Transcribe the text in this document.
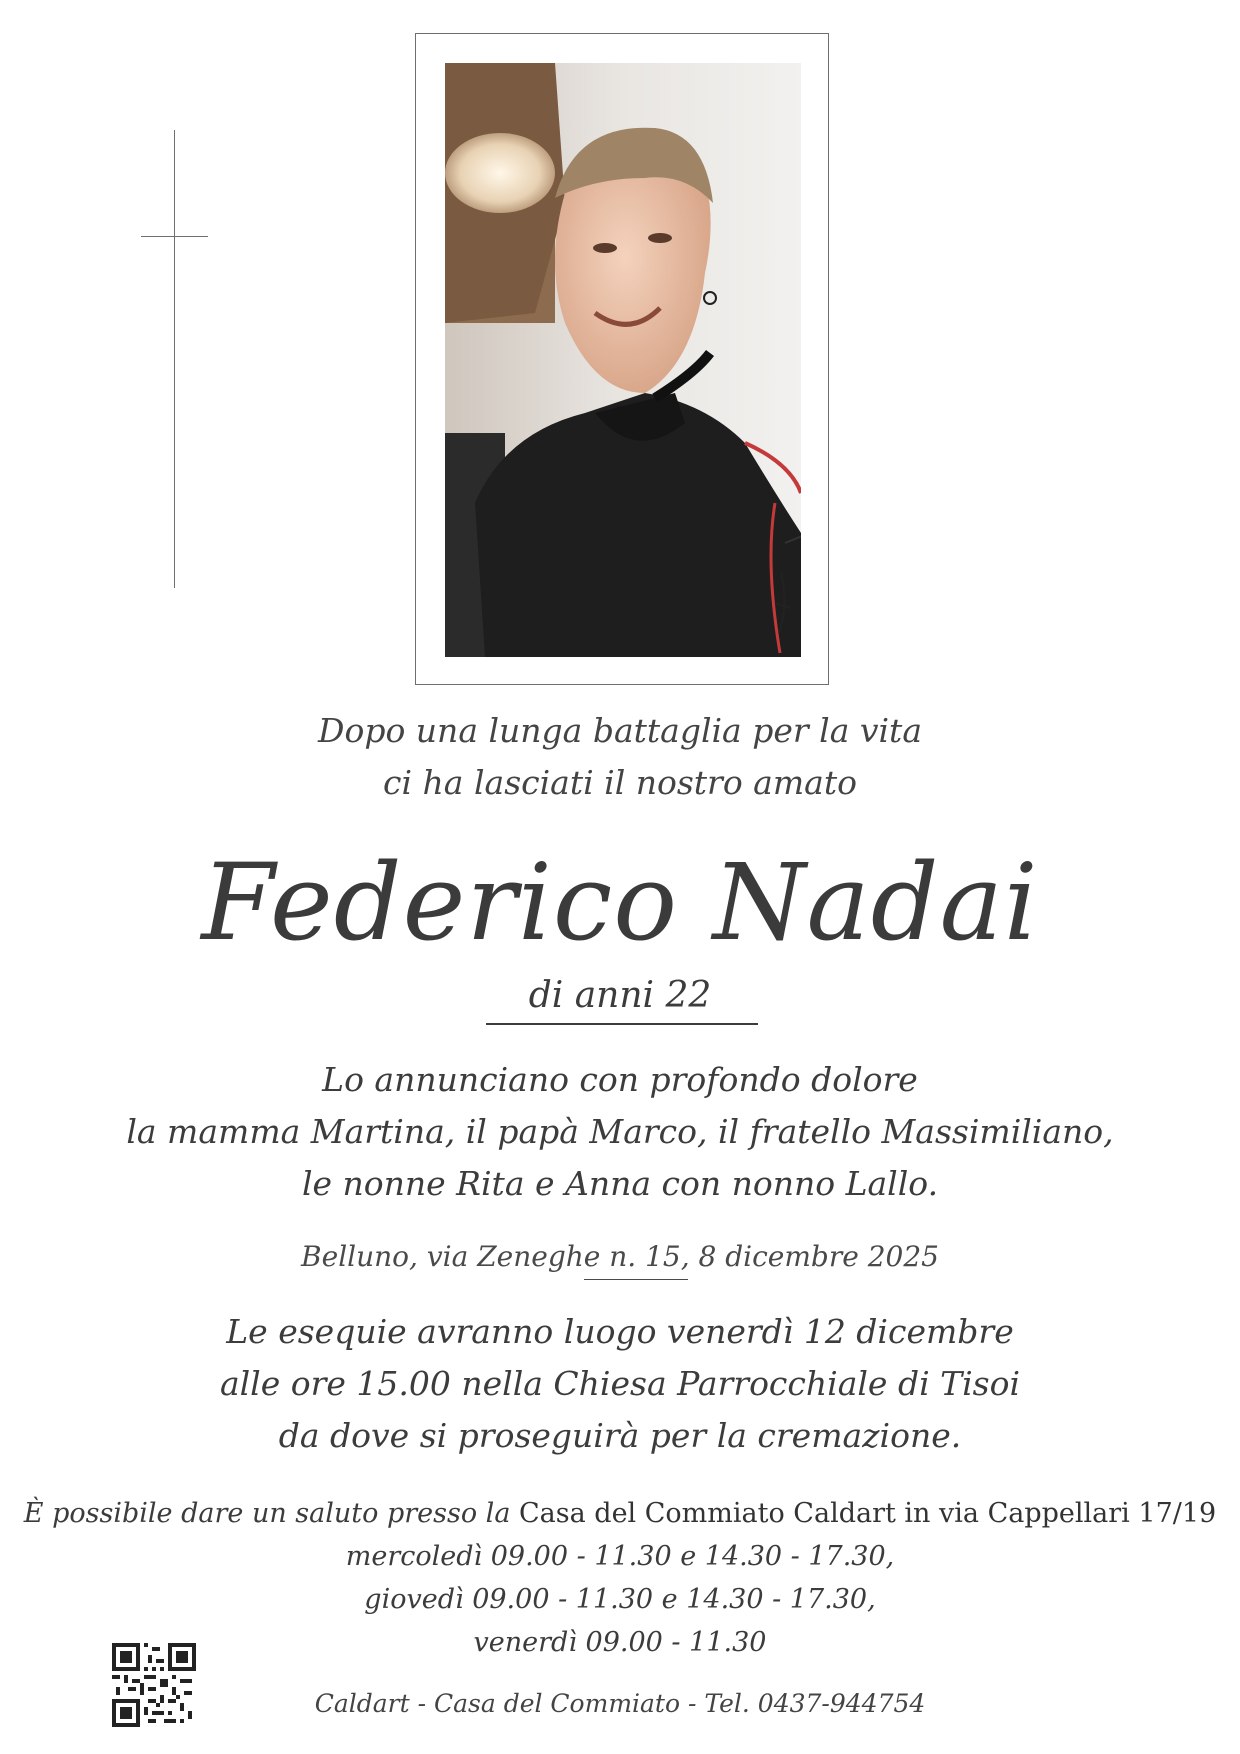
Dopo una lunga battaglia per la vita
ci ha lasciati il nostro amato
Federico Nadai
di anni 22
Lo annunciano con profondo dolore
la mamma Martina, il papà Marco, il fratello Massimiliano,
le nonne Rita e Anna con nonno Lallo.
Belluno, via Zeneghe n. 15, 8 dicembre 2025
Le esequie avranno luogo venerdì 12 dicembre
alle ore 15.00 nella Chiesa Parrocchiale di Tisoi
da dove si proseguirà per la cremazione.
È possibile dare un saluto presso la Casa del Commiato Caldart in via Cappellari 17/19
mercoledì 09.00 - 11.30 e 14.30 - 17.30,
giovedì 09.00 - 11.30 e 14.30 - 17.30,
venerdì 09.00 - 11.30
Caldart - Casa del Commiato - Tel. 0437-944754
